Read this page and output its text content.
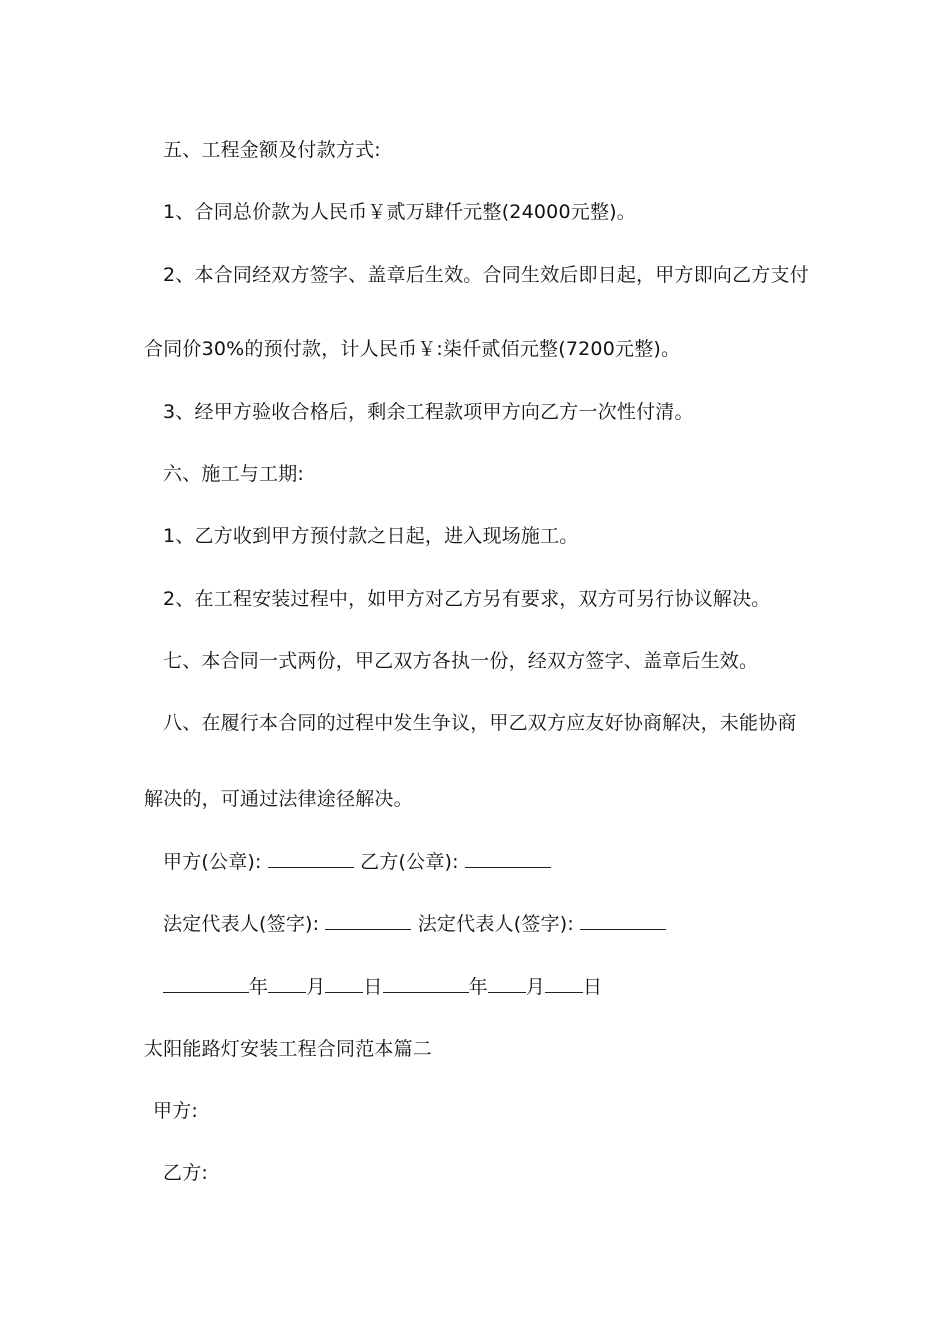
五、工程金额及付款方式:
1、合同总价款为人民币￥贰万肆仟元整(24000元整)。
2、本合同经双方签字、盖章后生效。合同生效后即日起，甲方即向乙方支付
合同价30%的预付款，计人民币￥:柒仟贰佰元整(7200元整)。
3、经甲方验收合格后，剩余工程款项甲方向乙方一次性付清。
六、施工与工期:
1、乙方收到甲方预付款之日起，进入现场施工。
2、在工程安装过程中，如甲方对乙方另有要求，双方可另行协议解决。
七、本合同一式两份，甲乙双方各执一份，经双方签字、盖章后生效。
八、在履行本合同的过程中发生争议，甲乙双方应友好协商解决，未能协商
解决的，可通过法律途径解决。
甲方(公章):	乙方(公章):
法定代表人(签字):	法定代表人(签字):
年 月 日	年 月 日
太阳能路灯安装工程合同范本篇二
甲方:
乙方:
